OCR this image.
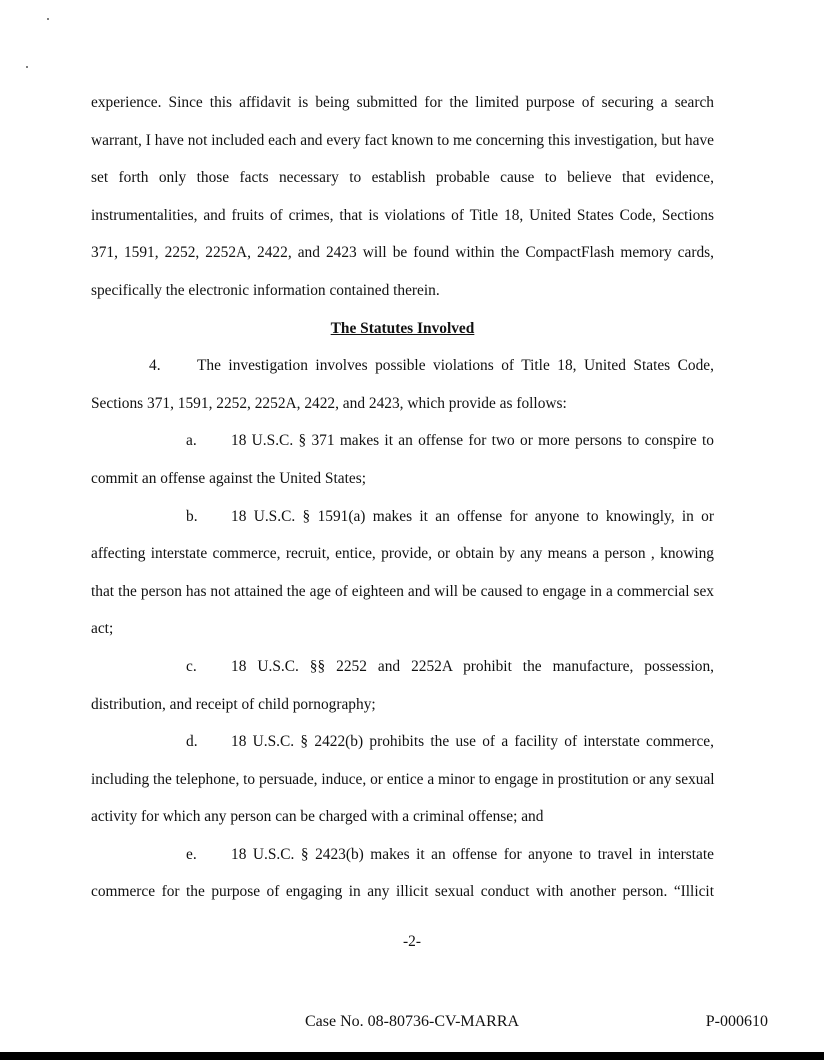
experience. Since this affidavit is being submitted for the limited purpose of securing a search
warrant, I have not included each and every fact known to me concerning this investigation, but have
set forth only those facts necessary to establish probable cause to believe that evidence,
instrumentalities, and fruits of crimes, that is violations of Title 18, United States Code, Sections
371, 1591, 2252, 2252A, 2422, and 2423 will be found within the CompactFlash memory cards,
specifically the electronic information contained therein.
The Statutes Involved
4. The investigation involves possible violations of Title 18, United States Code,
Sections 371, 1591, 2252, 2252A, 2422, and 2423, which provide as follows:
a. 18 U.S.C. § 371 makes it an offense for two or more persons to conspire to
commit an offense against the United States;
b. 18 U.S.C. § 1591(a) makes it an offense for anyone to knowingly, in or
affecting interstate commerce, recruit, entice, provide, or obtain by any means a person , knowing
that the person has not attained the age of eighteen and will be caused to engage in a commercial sex
act;
c. 18 U.S.C. §§ 2252 and 2252A prohibit the manufacture, possession,
distribution, and receipt of child pornography;
d. 18 U.S.C. § 2422(b) prohibits the use of a facility of interstate commerce,
including the telephone, to persuade, induce, or entice a minor to engage in prostitution or any sexual
activity for which any person can be charged with a criminal offense; and
e. 18 U.S.C. § 2423(b) makes it an offense for anyone to travel in interstate
commerce for the purpose of engaging in any illicit sexual conduct with another person. “Illicit
-2-
Case No. 08-80736-CV-MARRA	P-000610
